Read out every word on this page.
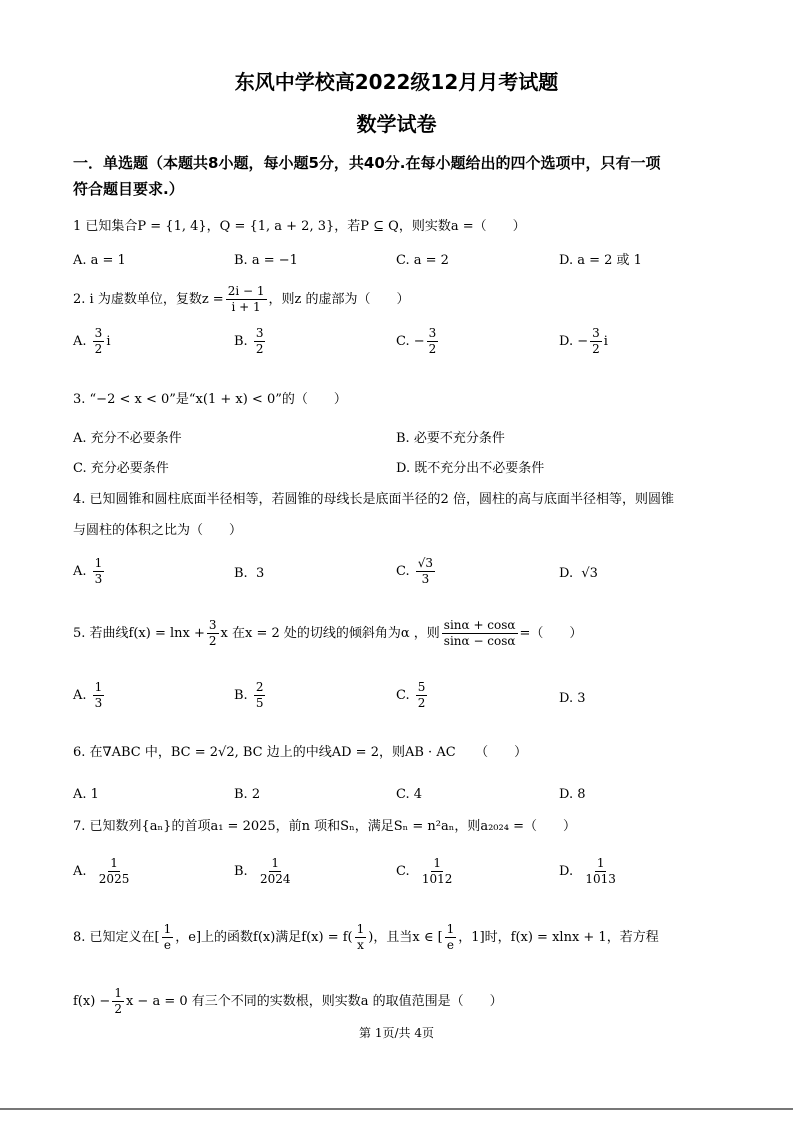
东风中学校高2022级12月月考试题
数学试卷
一．单选题（本题共8小题，每小题5分，共40分.在每小题给出的四个选项中，只有一项
符合题目要求.）
1 已知集合P = {1, 4}，Q = {1, a + 2, 3}，若P ⊆ Q，则实数a =（　　）
A. a = 1	B. a = −1	C. a = 2	D. a = 2 或 1
2. i 为虚数单位，复数$z = \frac{2i - 1}{i + 1}$ ，则z 的虚部为（　　）
A. $\frac{3}{2}$ i	B. $\frac{3}{2}$	C. − $\frac{3}{2}$	D. − $\frac{3}{2}$ i
3. “−2 < x < 0”是“x(1 + x) < 0”的（　　）
A. 充分不必要条件	B. 必要不充分条件
C. 充分必要条件	D. 既不充分出不必要条件
4. 已知圆锥和圆柱底面半径相等，若圆锥的母线长是底面半径的2 倍，圆柱的高与底面半径相等，则圆锥
与圆柱的体积之比为（　　）
A. $\frac{1}{3}$	B. 3	C. $\frac{√3}{3}$	D. √3
5. 若曲线$f(x) = \ln x + \frac{3}{2}$ x 在x = 2 处的切线的倾斜角为α ，则 $\frac{\sin\alpha + \cos\alpha}{\sin\alpha - \cos\alpha}$ =（　　）
A. $\frac{1}{3}$	B. $\frac{2}{5}$	C. $\frac{5}{2}$	D. 3
6. 在∇ABC 中，BC = 2√2, BC 边上的中线AD = 2，则AB · AC　　（　　）
A. 1	B. 2	C. 4	D. 8
7. 已知数列{aₙ}的首项a₁ = 2025，前n 项和Sₙ，满足Sₙ = n²aₙ，则a₂₀₂₄ =（　　）
A. $\frac{1}{2025}$	B. $\frac{1}{2024}$	C. $\frac{1}{1012}$	D. $\frac{1}{1013}$
8. 已知定义在[ $\frac{1}{e}$ ，e]上的函数f(x)满足$f(x) = f( \frac{1}{x}$ )，且当x ∈ [ $\frac{1}{e}$ ，1]时，f(x) = xlnx + 1，若方程
$f(x) - \frac{1}{2}$ x − a = 0 有三个不同的实数根，则实数a 的取值范围是（　　）
第 1页/共 4页
